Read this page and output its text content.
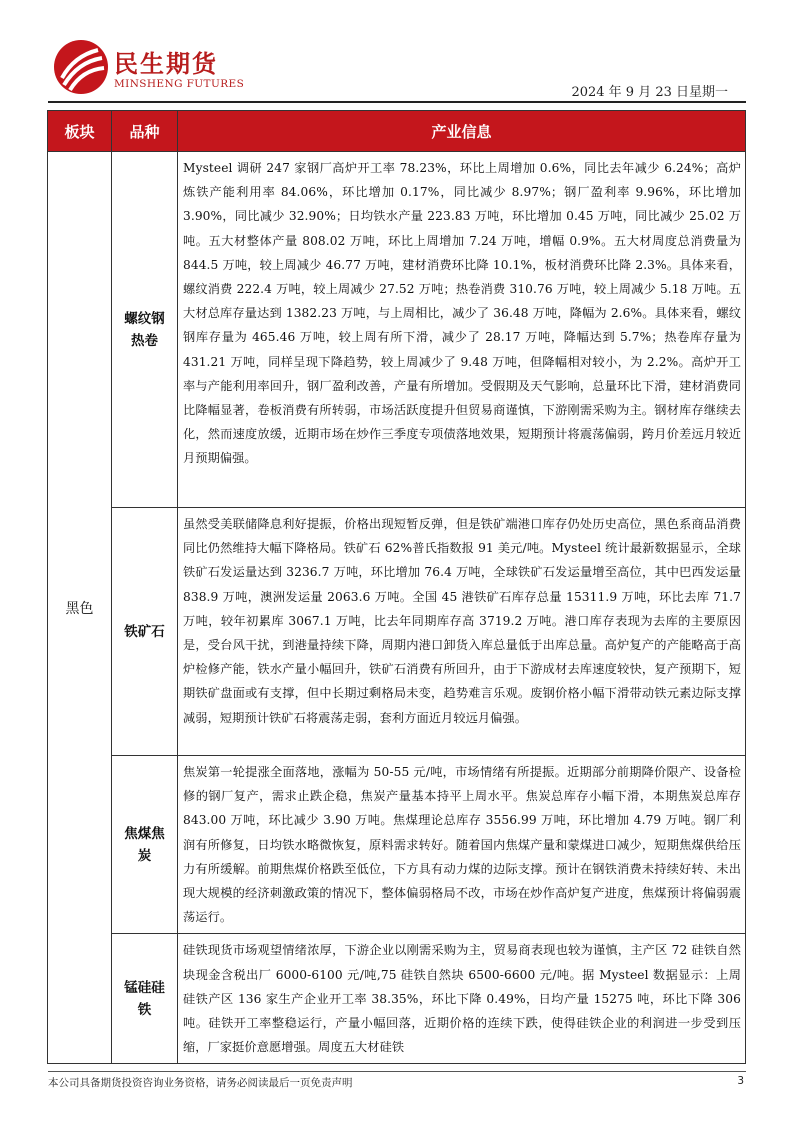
民生期货
MINSHENG FUTURES
2024 年 9 月 23 日星期一
板块	品种	产业信息
黑色	螺纹钢热卷	Mysteel 调研 247 家钢厂高炉开工率 78.23%，环比上周增加 0.6%，同比去年减少 6.24%；高炉炼铁产能利用率 84.06%，环比增加 0.17%，同比减少 8.97%；钢厂盈利率 9.96%，环比增加 3.90%，同比减少 32.90%；日均铁水产量 223.83 万吨，环比增加 0.45 万吨，同比减少 25.02 万吨。五大材整体产量 808.02 万吨，环比上周增加 7.24 万吨，增幅 0.9%。五大材周度总消费量为 844.5 万吨，较上周减少 46.77 万吨，建材消费环比降 10.1%，板材消费环比降 2.3%。具体来看，螺纹消费 222.4 万吨，较上周减少 27.52 万吨；热卷消费 310.76 万吨，较上周减少 5.18 万吨。五大材总库存量达到 1382.23 万吨，与上周相比，减少了 36.48 万吨，降幅为 2.6%。具体来看，螺纹钢库存量为 465.46 万吨，较上周有所下滑，减少了 28.17 万吨，降幅达到 5.7%；热卷库存量为 431.21 万吨，同样呈现下降趋势，较上周减少了 9.48 万吨，但降幅相对较小，为 2.2%。高炉开工率与产能利用率回升，钢厂盈利改善，产量有所增加。受假期及天气影响，总量环比下滑，建材消费同比降幅显著，卷板消费有所转弱，市场活跃度提升但贸易商谨慎，下游刚需采购为主。钢材库存继续去化，然而速度放缓，近期市场在炒作三季度专项债落地效果，短期预计将震荡偏弱，跨月价差远月较近月预期偏强。
	铁矿石	虽然受美联储降息利好提振，价格出现短暂反弹，但是铁矿端港口库存仍处历史高位，黑色系商品消费同比仍然维持大幅下降格局。铁矿石 62%普氏指数报 91 美元/吨。Mysteel 统计最新数据显示，全球铁矿石发运量达到 3236.7 万吨，环比增加 76.4 万吨，全球铁矿石发运量增至高位，其中巴西发运量 838.9 万吨，澳洲发运量 2063.6 万吨。全国 45 港铁矿石库存总量 15311.9 万吨，环比去库 71.7 万吨，较年初累库 3067.1 万吨，比去年同期库存高 3719.2 万吨。港口库存表现为去库的主要原因是，受台风干扰，到港量持续下降，周期内港口卸货入库总量低于出库总量。高炉复产的产能略高于高炉检修产能，铁水产量小幅回升，铁矿石消费有所回升，由于下游成材去库速度较快，复产预期下，短期铁矿盘面或有支撑，但中长期过剩格局未变，趋势难言乐观。废钢价格小幅下滑带动铁元素边际支撑减弱，短期预计铁矿石将震荡走弱，套利方面近月较远月偏强。
	焦煤焦炭	焦炭第一轮提涨全面落地，涨幅为 50-55 元/吨，市场情绪有所提振。近期部分前期降价限产、设备检修的钢厂复产，需求止跌企稳，焦炭产量基本持平上周水平。焦炭总库存小幅下滑，本期焦炭总库存 843.00 万吨，环比减少 3.90 万吨。焦煤理论总库存 3556.99 万吨，环比增加 4.79 万吨。钢厂利润有所修复，日均铁水略微恢复，原料需求转好。随着国内焦煤产量和蒙煤进口减少，短期焦煤供给压力有所缓解。前期焦煤价格跌至低位，下方具有动力煤的边际支撑。预计在钢铁消费未持续好转、未出现大规模的经济刺激政策的情况下，整体偏弱格局不改，市场在炒作高炉复产进度，焦煤预计将偏弱震荡运行。
	锰硅硅铁	硅铁现货市场观望情绪浓厚，下游企业以刚需采购为主，贸易商表现也较为谨慎，主产区 72 硅铁自然块现金含税出厂 6000-6100 元/吨,75 硅铁自然块 6500-6600 元/吨。据 Mysteel 数据显示：上周硅铁产区 136 家生产企业开工率 38.35%，环比下降 0.49%，日均产量 15275 吨，环比下降 306 吨。硅铁开工率整稳运行，产量小幅回落，近期价格的连续下跌，使得硅铁企业的利润进一步受到压缩，厂家挺价意愿增强。周度五大材硅铁
本公司具备期货投资咨询业务资格，请务必阅读最后一页免责声明	3
